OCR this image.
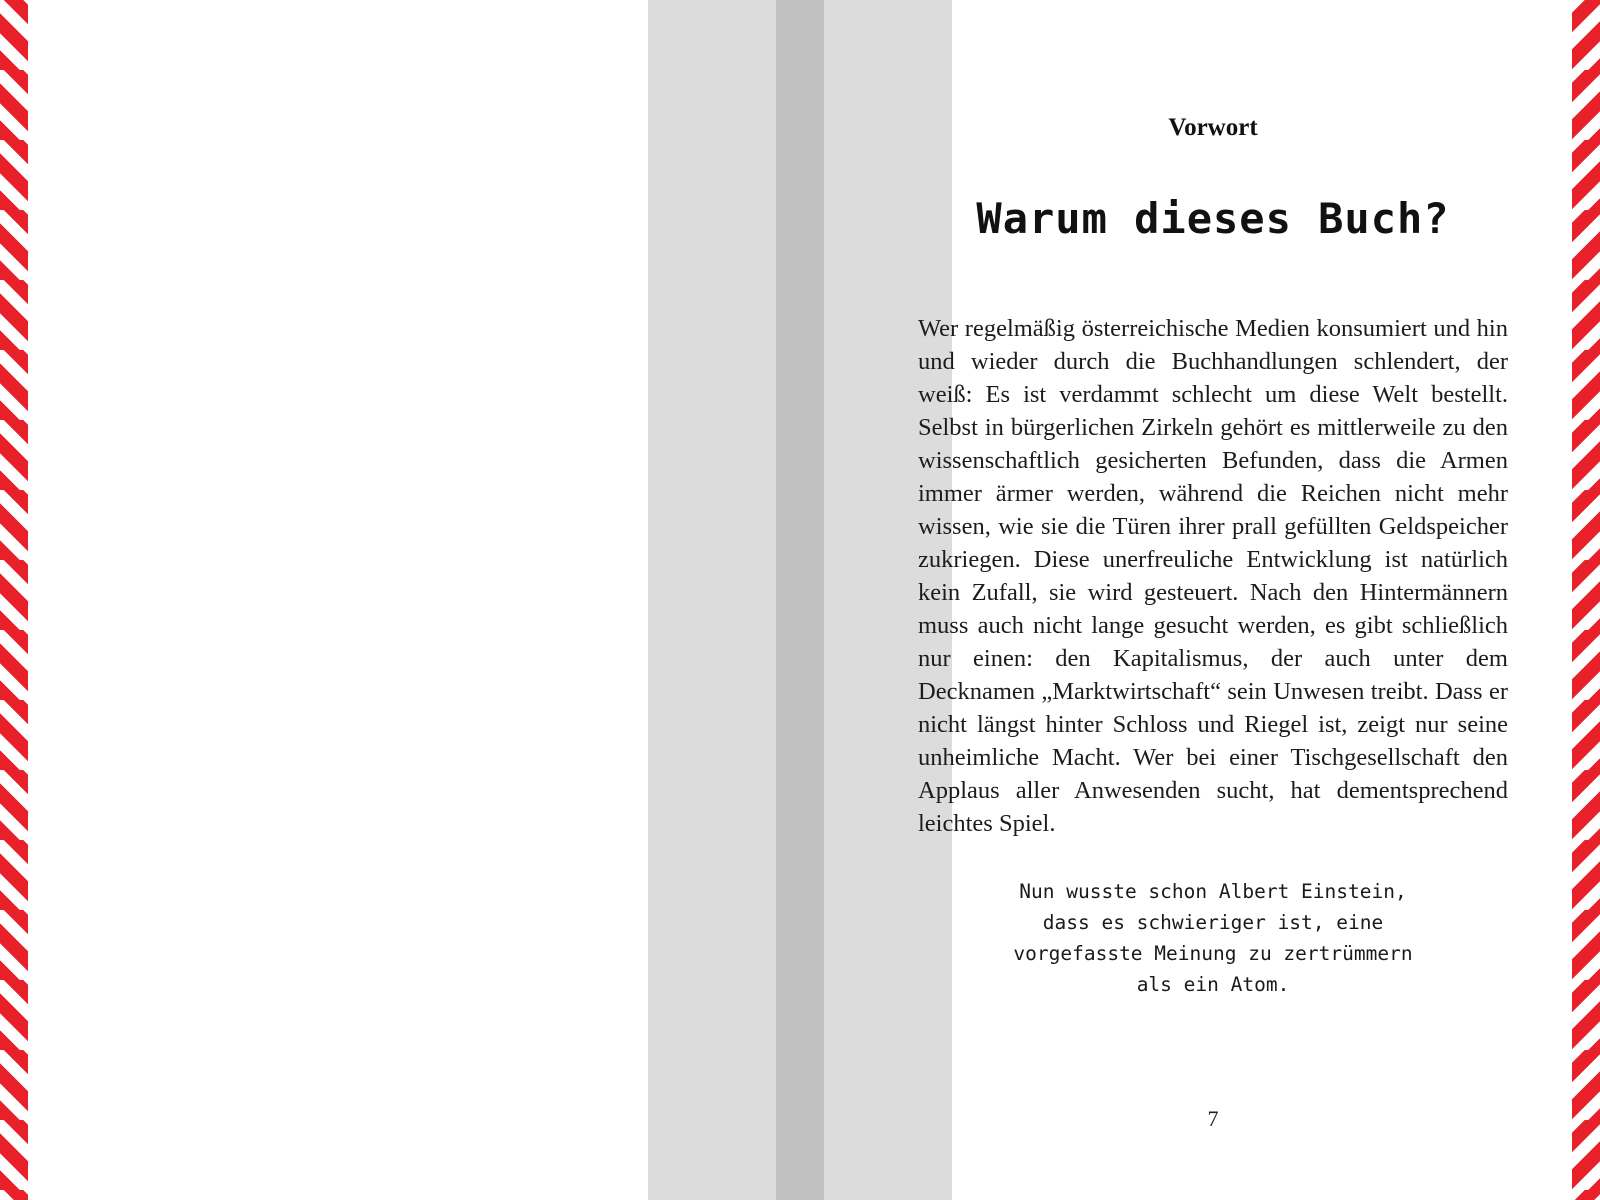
Vorwort
Warum dieses Buch?
Wer regelmäßig österreichische Medien konsumiert und hin und wieder durch die Buchhandlungen schlendert, der weiß: Es ist verdammt schlecht um diese Welt bestellt. Selbst in bürgerlichen Zirkeln gehört es mittlerweile zu den wissenschaftlich gesicherten Befunden, dass die Armen immer ärmer werden, während die Reichen nicht mehr wissen, wie sie die Türen ihrer prall gefüllten Geldspeicher zukriegen. Diese unerfreuliche Entwicklung ist natürlich kein Zufall, sie wird gesteuert. Nach den Hintermännern muss auch nicht lange gesucht werden, es gibt schließlich nur einen: den Kapitalismus, der auch unter dem Decknamen „Marktwirtschaft“ sein Unwesen treibt. Dass er nicht längst hinter Schloss und Riegel ist, zeigt nur seine unheimliche Macht. Wer bei einer Tischgesellschaft den Applaus aller Anwesenden sucht, hat dementsprechend leichtes Spiel.
Nun wusste schon Albert Einstein,
dass es schwieriger ist, eine
vorgefasste Meinung zu zertrümmern
als ein Atom.
7
